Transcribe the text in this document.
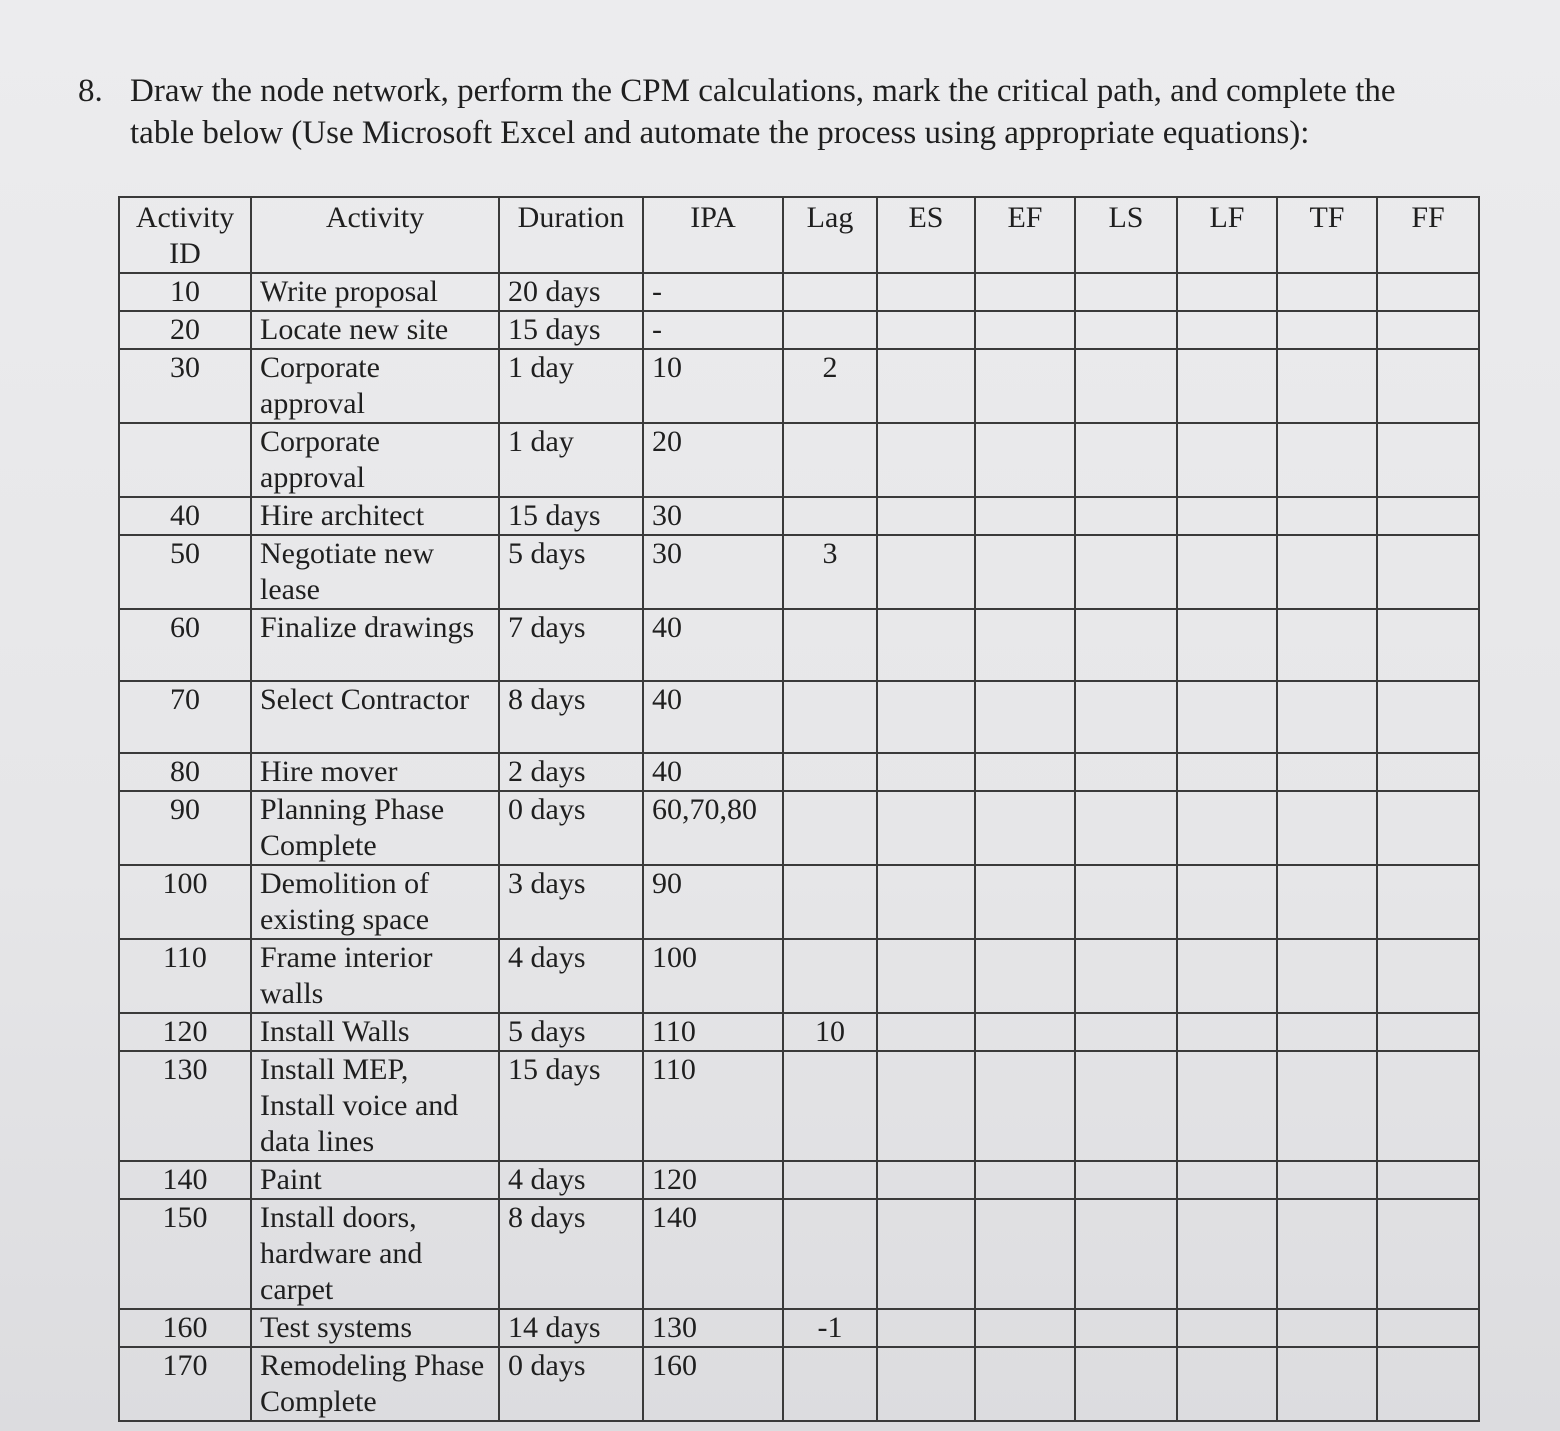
8. Draw the node network, perform the CPM calculations, mark the critical path, and complete the
table below (Use Microsoft Excel and automate the process using appropriate equations):
Activity ID	Activity	Duration	IPA	Lag	ES	EF	LS	LF	TF	FF
10	Write proposal	20 days	-							
20	Locate new site	15 days	-							
30	Corporate approval	1 day	10	2						
	Corporate approval	1 day	20							
40	Hire architect	15 days	30							
50	Negotiate new lease	5 days	30	3						
60	Finalize drawings	7 days	40							
70	Select Contractor	8 days	40							
80	Hire mover	2 days	40							
90	Planning Phase Complete	0 days	60,70,80							
100	Demolition of existing space	3 days	90							
110	Frame interior walls	4 days	100							
120	Install Walls	5 days	110	10						
130	Install MEP, Install voice and data lines	15 days	110							
140	Paint	4 days	120							
150	Install doors, hardware and carpet	8 days	140							
160	Test systems	14 days	130	-1						
170	Remodeling Phase Complete	0 days	160							
